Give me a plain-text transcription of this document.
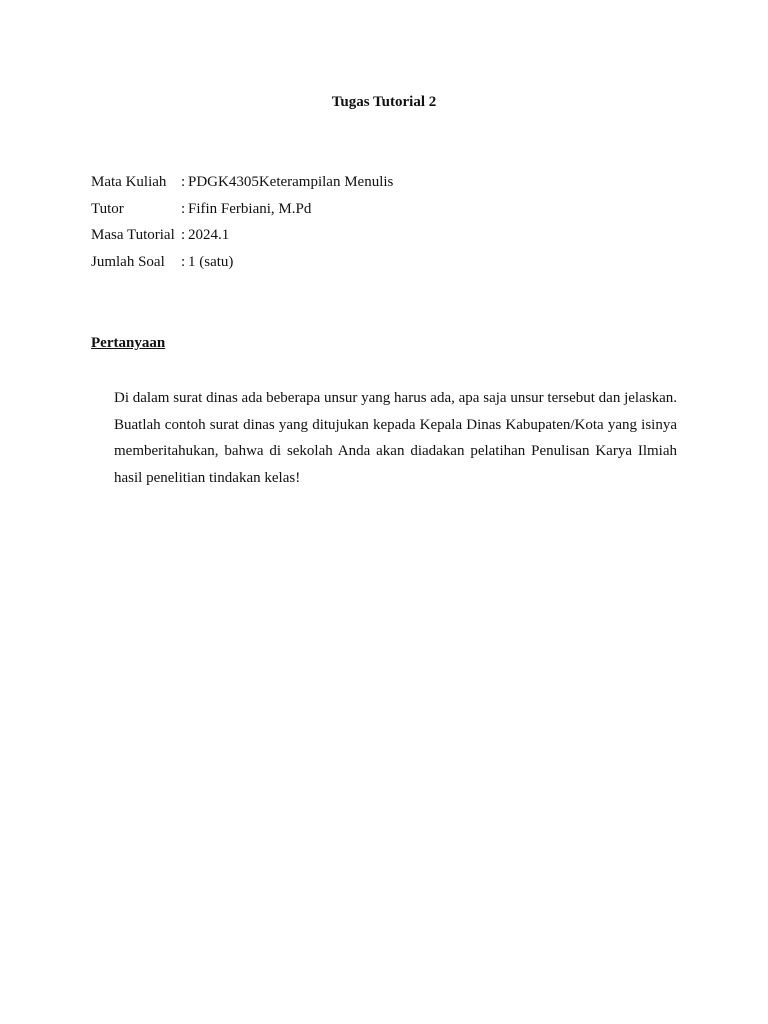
Tugas Tutorial 2
Mata Kuliah : PDGK4305Keterampilan Menulis
Tutor	: Fifin Ferbiani, M.Pd
Masa Tutorial : 2024.1
Jumlah Soal	: 1 (satu)
Pertanyaan

Di dalam surat dinas ada beberapa unsur yang harus ada, apa saja unsur tersebut dan jelaskan. Buatlah contoh surat dinas yang ditujukan kepada Kepala Dinas Kabupaten/Kota yang isinya memberitahukan, bahwa di sekolah Anda akan diadakan pelatihan Penulisan Karya Ilmiah hasil penelitian tindakan kelas!
